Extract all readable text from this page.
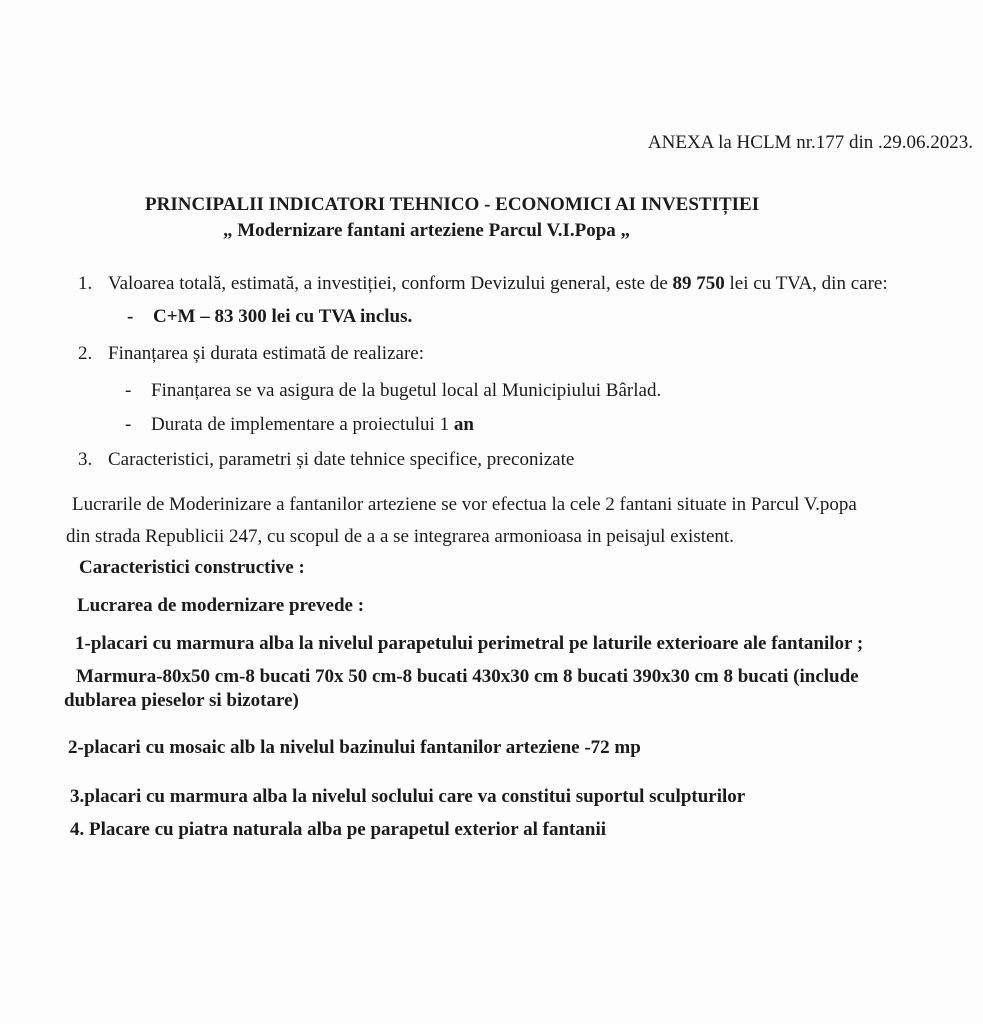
ANEXA la HCLM nr.177 din .29.06.2023.
PRINCIPALII INDICATORI TEHNICO - ECONOMICI AI INVESTIȚIEI
„ Modernizare fantani arteziene Parcul V.I.Popa „
1. Valoarea totală, estimată, a investiției, conform Devizului general, este de 89 750 lei cu TVA, din care:
- C+M – 83 300 lei cu TVA inclus.
2. Finanțarea și durata estimată de realizare:
- Finanțarea se va asigura de la bugetul local al Municipiului Bârlad.
- Durata de implementare a proiectului 1 an
3. Caracteristici, parametri și date tehnice specifice, preconizate
Lucrarile de Moderinizare a fantanilor arteziene se vor efectua la cele 2 fantani situate in Parcul V.popa
din strada Republicii 247, cu scopul de a a se integrarea armonioasa in peisajul existent.
Caracteristici constructive :
Lucrarea de modernizare prevede :
1-placari cu marmura alba la nivelul parapetului perimetral pe laturile exterioare ale fantanilor ;
Marmura-80x50 cm-8 bucati 70x 50 cm-8 bucati 430x30 cm 8 bucati 390x30 cm 8 bucati (include
dublarea pieselor si bizotare)
2-placari cu mosaic alb la nivelul bazinului fantanilor arteziene -72 mp
3.placari cu marmura alba la nivelul soclului care va constitui suportul sculpturilor
4. Placare cu piatra naturala alba pe parapetul exterior al fantanii
